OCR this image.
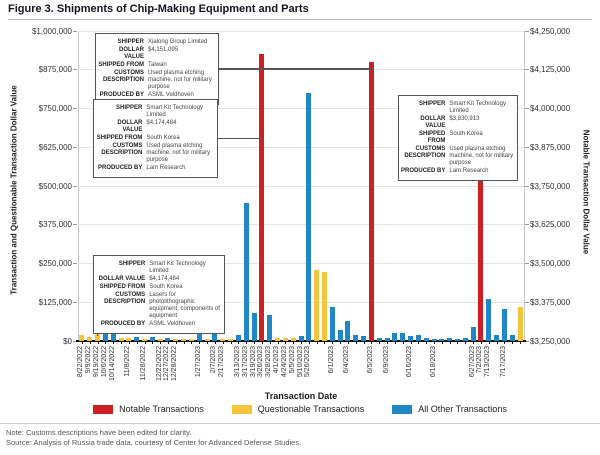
Figure 3. Shipments of Chip-Making Equipment and Parts
Transaction and Questionable Transaction Dollar Value	Notable Transaction Dollar Value
$0	$3,250,000
$125,000	$3,375,000
$250,000	$3,500,000
$375,000	$3,625,000
$500,000	$3,750,000
$625,000	$3,875,000
$750,000	$4,000,000
$875,000	$4,125,000
$1,000,000	$4,250,000
8/22/2022 9/9/2022 9/19/2022 10/6/2022 10/14/2022 11/8/2022 11/28/2022 12/22/2022 12/27/2022 12/28/2022 1/27/2023 2/7/2023 2/17/2023 3/13/2023 3/17/2023 3/19/2023 3/26/2023 3/28/2023 4/1/2023 4/24/2023 5/5/2023 5/10/2023 5/26/2023 6/1/2023 6/4/2023 6/5/2023 6/9/2023 6/16/2023 6/18/2023	6/27/2023 7/2/2023 7/13/2023 7/17/2023
Transaction Date
Notable Transactions	Questionable Transactions	All Other Transactions
Note: Customs descriptions have been edited for clarity.
Source: Analysis of Russia trade data, courtesy of Center for Advanced Defense Studies.
SHIPPER Xialong Group Limited
DOLLAR VALUE
$4,151,095
SHIPPED FROM Taiwan
CUSTOMS DESCRIPTION
Used plasma etching machine, not for military purpose
PRODUCED BY ASML Veldhoven
SHIPPER Smart Kit Technology Limited
DOLLAR VALUE
$4,174,484
SHIPPED FROM South Korea
CUSTOMS DESCRIPTION
Used plasma etching machine, not for military purpose
PRODUCED BY Lam Research
SHIPPER Smart Kit Technology Limited
DOLLAR VALUE
$3,830,913
SHIPPED FROM
South Korea
CUSTOMS DESCRIPTION
Used plasma etching machine, not for military purpose
PRODUCED BY Lam Research
SHIPPER Smart Kit Technology Limited
DOLLAR VALUE $4,174,484
SHIPPED FROM South Korea
CUSTOMS DESCRIPTION
Lasers for photolithographic equipment, components of equipment
PRODUCED BY ASML Veldhoven
